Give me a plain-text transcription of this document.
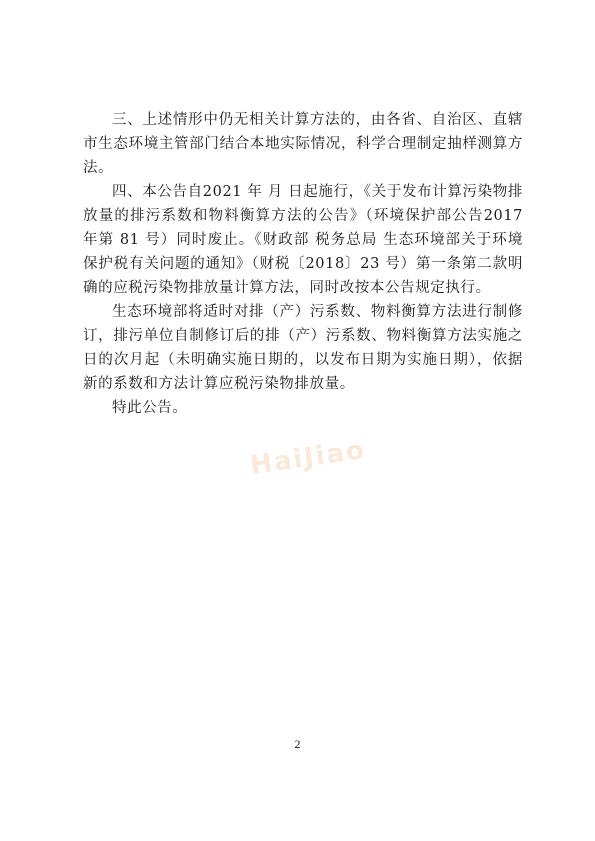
三、上述情形中仍无相关计算方法的，由各省、自治区、直辖市生态环境主管部门结合本地实际情况，科学合理制定抽样测算方法。

四、本公告自2021 年 月 日起施行，《关于发布计算污染物排放量的排污系数和物料衡算方法的公告》（环境保护部公告2017 年第 81 号）同时废止。《财政部 税务总局 生态环境部关于环境保护税有关问题的通知》（财税〔2018〕23 号）第一条第二款明确的应税污染物排放量计算方法，同时改按本公告规定执行。

生态环境部将适时对排（产）污系数、物料衡算方法进行制修订，排污单位自制修订后的排（产）污系数、物料衡算方法实施之日的次月起（未明确实施日期的，以发布日期为实施日期），依据新的系数和方法计算应税污染物排放量。

特此公告。

HaiJiao
2
